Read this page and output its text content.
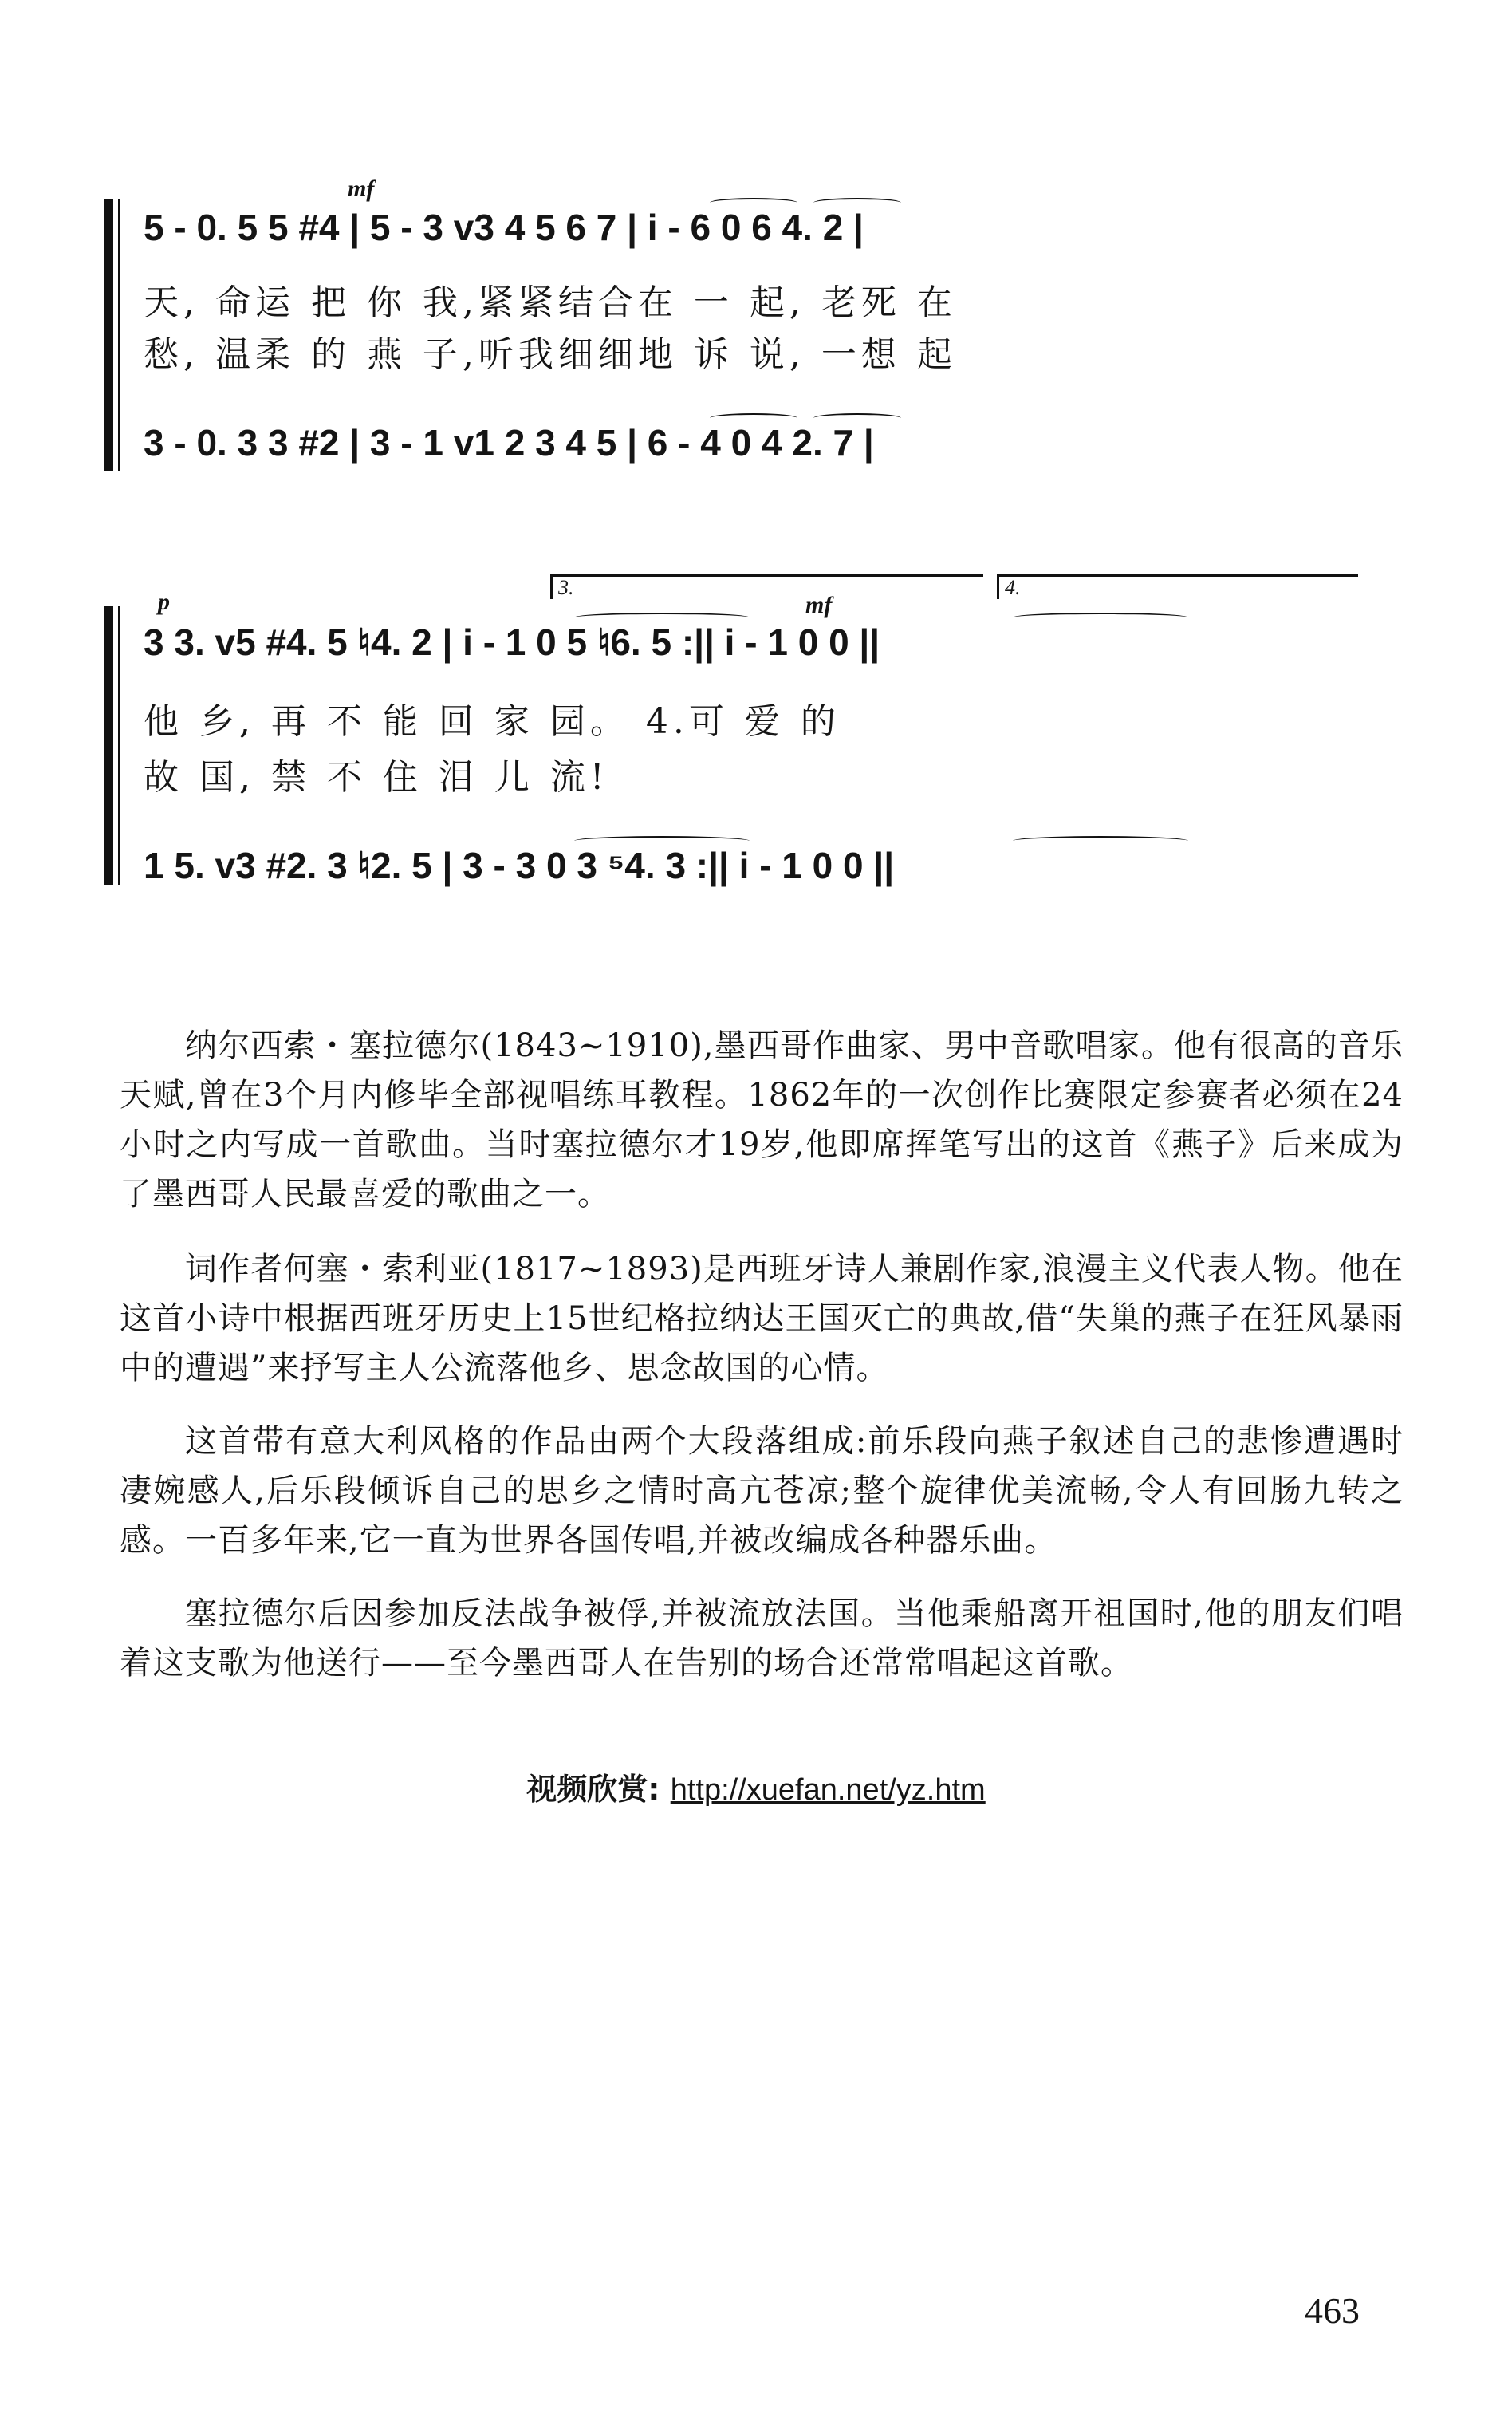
mf
5 - 0. 5 5 #4 | 5 - 3 v3 4 5 6 7 | i - 6 0 6 4. 2 |
天, 命运 把 你 我,紧紧结合在 一 起, 老死 在
愁, 温柔 的 燕 子,听我细细地 诉 说, 一想 起
3 - 0. 3 3 #2 | 3 - 1 v1 2 3 4 5 | 6 - 4 0 4 2. 7 |
p	mf
3.	4.
3 3. v5 #4. 5 ♮4. 2 | i - 1 0 5 ♮6. 5 :|| i - 1 0 0 ||
他 乡, 再 不 能 回 家 园。 4.可 爱 的
故 国, 禁 不 住 泪 儿 流!
1 5. v3 #2. 3 ♮2. 5 | 3 - 3 0 3 ⁵4. 3 :|| i - 1 0 0 ||

纳尔西索・塞拉德尔(1843~1910),墨西哥作曲家、男中音歌唱家。他有很高的音乐天赋,曾在3个月内修毕全部视唱练耳教程。1862年的一次创作比赛限定参赛者必须在24小时之内写成一首歌曲。当时塞拉德尔才19岁,他即席挥笔写出的这首《燕子》后来成为了墨西哥人民最喜爱的歌曲之一。

词作者何塞・索利亚(1817~1893)是西班牙诗人兼剧作家,浪漫主义代表人物。他在这首小诗中根据西班牙历史上15世纪格拉纳达王国灭亡的典故,借“失巢的燕子在狂风暴雨中的遭遇”来抒写主人公流落他乡、思念故国的心情。

这首带有意大利风格的作品由两个大段落组成:前乐段向燕子叙述自己的悲惨遭遇时凄婉感人,后乐段倾诉自己的思乡之情时高亢苍凉;整个旋律优美流畅,令人有回肠九转之感。一百多年来,它一直为世界各国传唱,并被改编成各种器乐曲。

塞拉德尔后因参加反法战争被俘,并被流放法国。当他乘船离开祖国时,他的朋友们唱着这支歌为他送行——至今墨西哥人在告别的场合还常常唱起这首歌。

视频欣赏: http://xuefan.net/yz.htm
463
